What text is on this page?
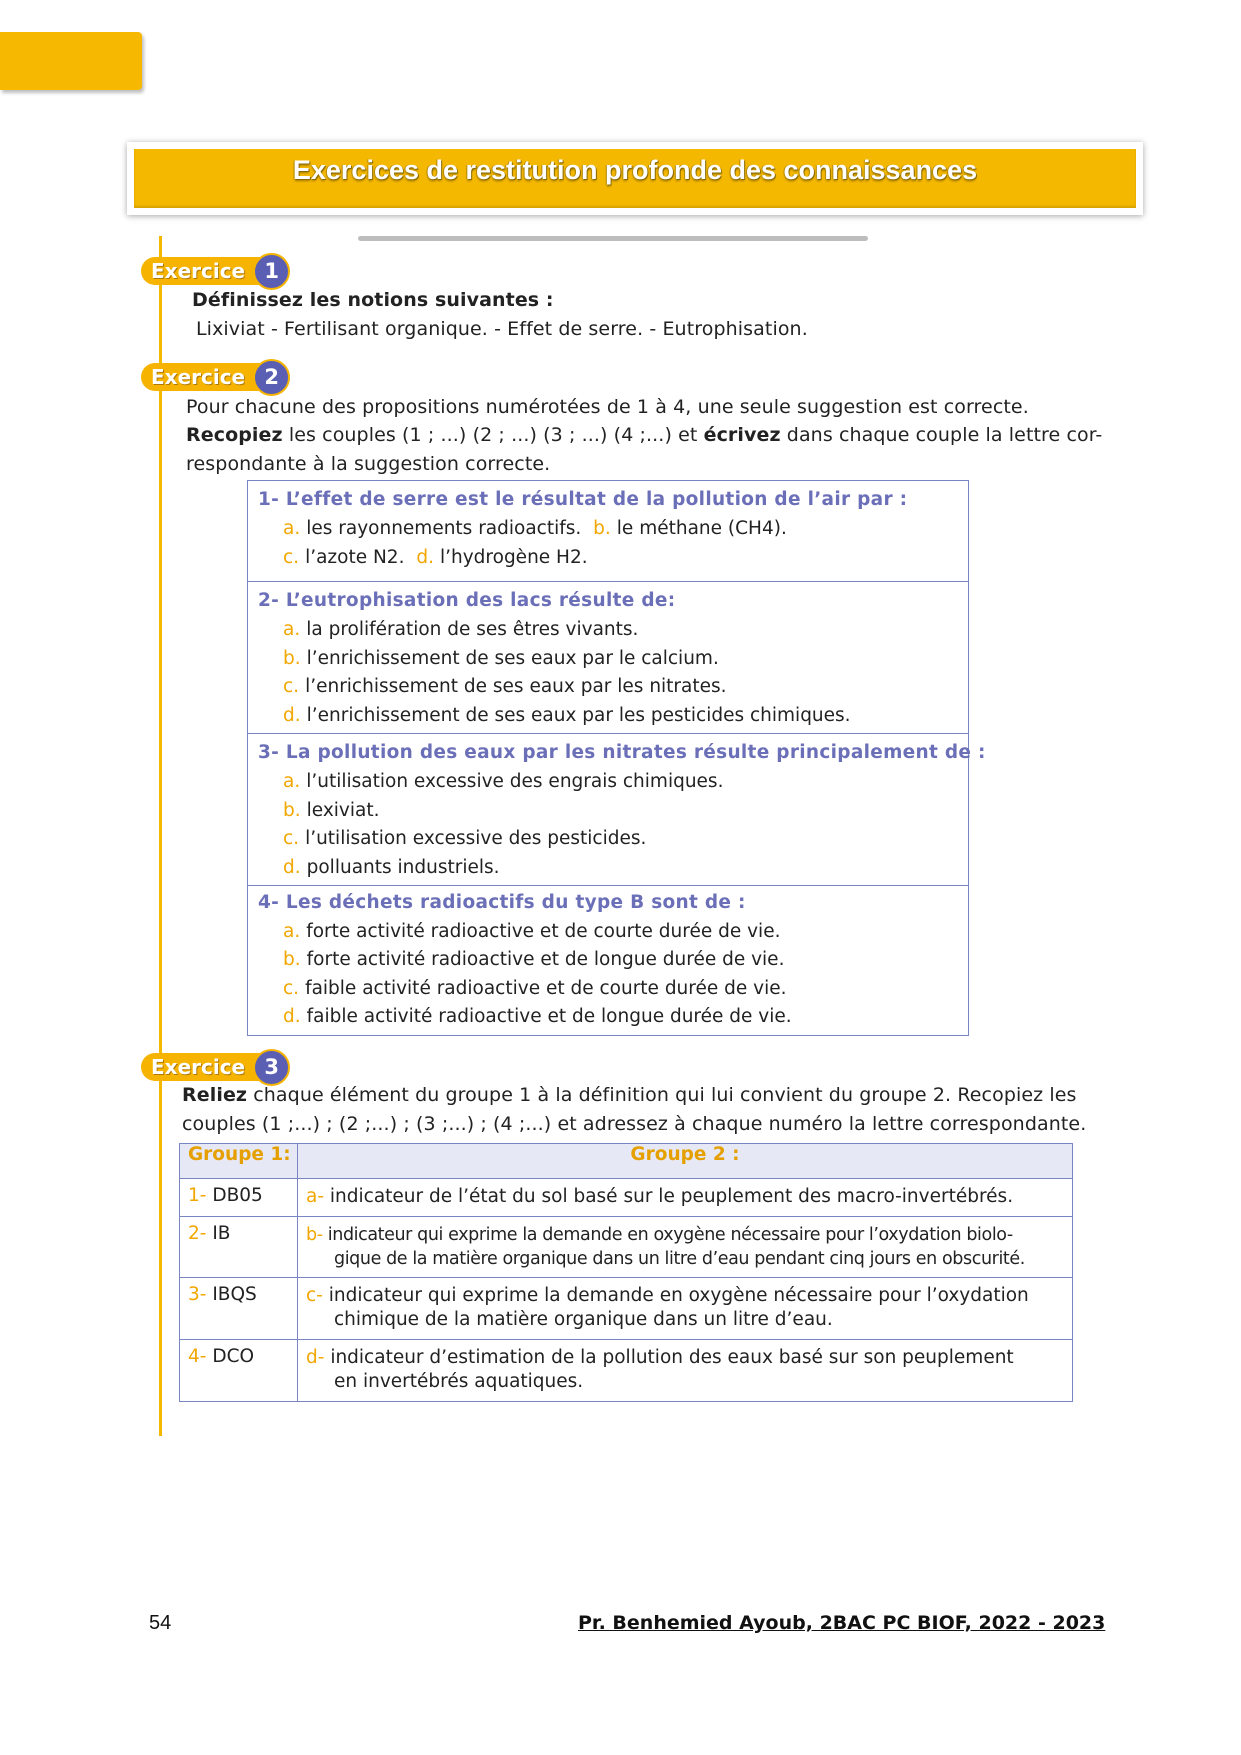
Exercices de restitution profonde des connaissances
Exercice 1
Définissez les notions suivantes :
Lixiviat - Fertilisant organique. - Effet de serre. - Eutrophisation.
Exercice 2
Pour chacune des propositions numérotées de 1 à 4, une seule suggestion est correcte.
Recopiez les couples (1 ; ...) (2 ; ...) (3 ; ...) (4 ;...) et écrivez dans chaque couple la lettre cor-
respondante à la suggestion correcte.
1- L’effet de serre est le résultat de la pollution de l’air par :
a. les rayonnements radioactifs. b. le méthane (CH4).
c. l’azote N2. d. l’hydrogène H2.
2- L’eutrophisation des lacs résulte de:
a. la prolifération de ses êtres vivants.
b. l’enrichissement de ses eaux par le calcium.
c. l’enrichissement de ses eaux par les nitrates.
d. l’enrichissement de ses eaux par les pesticides chimiques.
3- La pollution des eaux par les nitrates résulte principalement de :
a. l’utilisation excessive des engrais chimiques.
b. lexiviat.
c. l’utilisation excessive des pesticides.
d. polluants industriels.
4- Les déchets radioactifs du type B sont de :
a. forte activité radioactive et de courte durée de vie.
b. forte activité radioactive et de longue durée de vie.
c. faible activité radioactive et de courte durée de vie.
d. faible activité radioactive et de longue durée de vie.
Exercice 3
Reliez chaque élément du groupe 1 à la définition qui lui convient du groupe 2. Recopiez les
couples (1 ;...) ; (2 ;...) ; (3 ;...) ; (4 ;...) et adressez à chaque numéro la lettre correspondante.
Groupe 1:	Groupe 2 :
1- DB05	a- indicateur de l’état du sol basé sur le peuplement des macro-invertébrés.
2- IB	b- indicateur qui exprime la demande en oxygène nécessaire pour l’oxydation biolo-
gique de la matière organique dans un litre d’eau pendant cinq jours en obscurité.

3- IBQS	c- indicateur qui exprime la demande en oxygène nécessaire pour l’oxydation
chimique de la matière organique dans un litre d’eau.

4- DCO	d- indicateur d’estimation de la pollution des eaux basé sur son peuplement
en invertébrés aquatiques.
54	Pr. Benhemied Ayoub, 2BAC PC BIOF, 2022 - 2023
